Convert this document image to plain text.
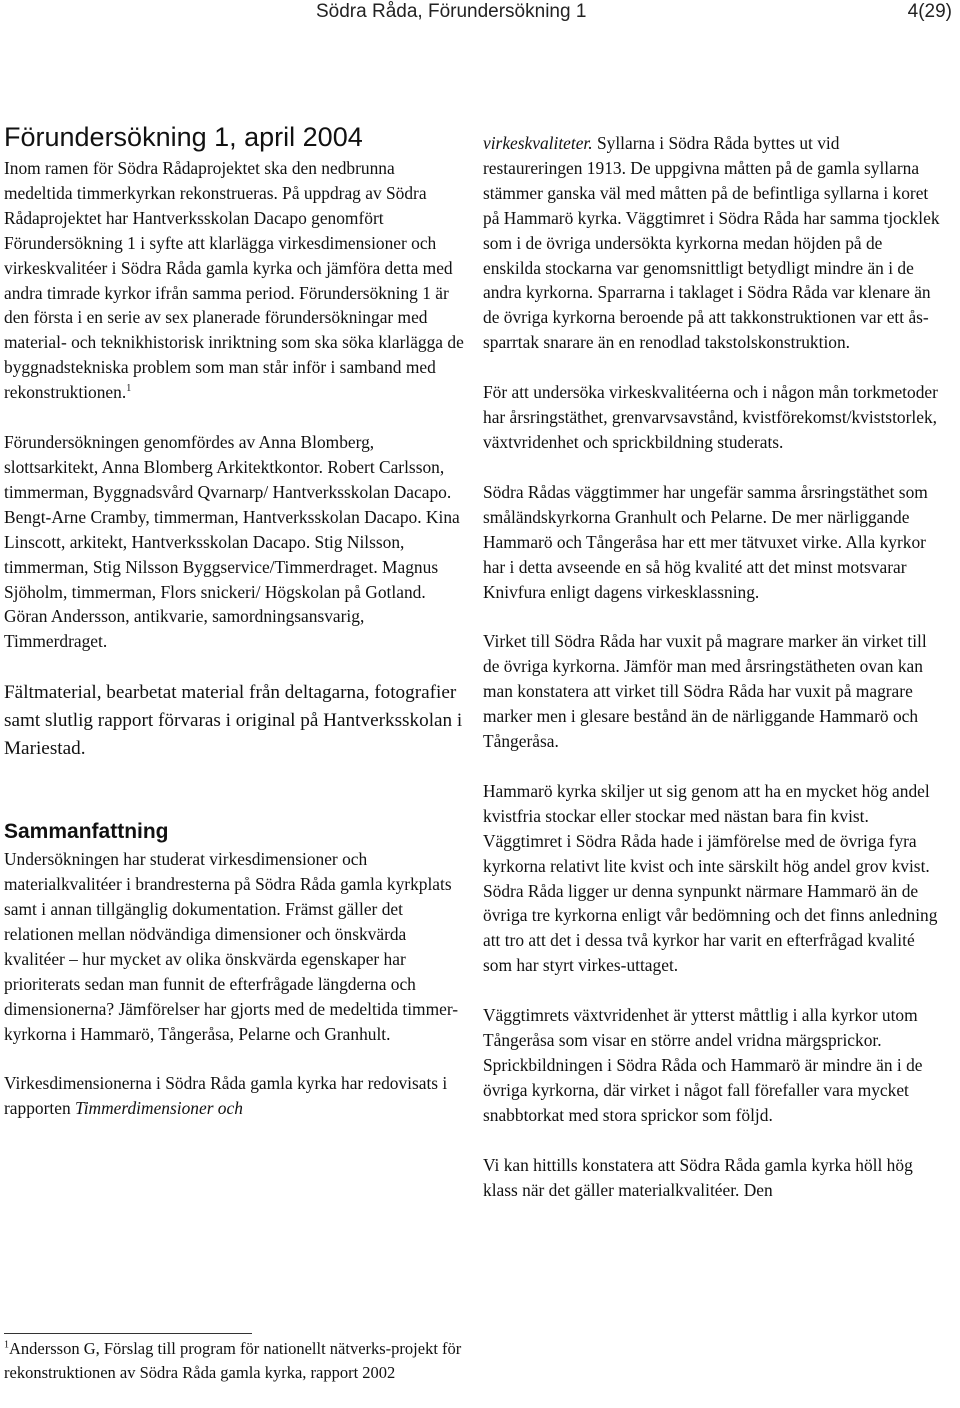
Södra Råda, Förundersökning 1	4(29)
Förundersökning 1, april 2004

Inom ramen för Södra Rådaprojektet ska den nedbrunna medeltida timmerkyrkan rekonstrueras. På uppdrag av Södra Rådaprojektet har Hantverksskolan Dacapo genomfört Förundersökning 1 i syfte att klarlägga virkesdimensioner och virkeskvalitéer i Södra Råda gamla kyrka och jämföra detta med andra timrade kyrkor ifrån samma period. Förundersökning 1 är den första i en serie av sex planerade förundersökningar med material- och teknikhistorisk inriktning som ska söka klarlägga de byggnadstekniska problem som man står inför i samband med rekonstruktionen.$^1$

Förundersökningen genomfördes av Anna Blomberg, slottsarkitekt, Anna Blomberg Arkitektkontor. Robert Carlsson, timmerman, Byggnadsvård Qvarnarp/ Hantverksskolan Dacapo. Bengt-Arne Cramby, timmerman, Hantverksskolan Dacapo. Kina Linscott, arkitekt, Hantverksskolan Dacapo. Stig Nilsson, timmerman, Stig Nilsson Byggservice/Timmerdraget. Magnus Sjöholm, timmerman, Flors snickeri/ Högskolan på Gotland. Göran Andersson, antikvarie, samordningsansvarig, Timmerdraget.

Fältmaterial, bearbetat material från deltagarna, fotografier samt slutlig rapport förvaras i original på Hantverksskolan i Mariestad.

Sammanfattning

Undersökningen har studerat virkesdimensioner och materialkvalitéer i brandresterna på Södra Råda gamla kyrkplats samt i annan tillgänglig dokumentation. Främst gäller det relationen mellan nödvändiga dimensioner och önskvärda kvalitéer – hur mycket av olika önskvärda egenskaper har prioriterats sedan man funnit de efterfrågade längderna och dimensionerna? Jämförelser har gjorts med de medeltida timmer-kyrkorna i Hammarö, Tångeråsa, Pelarne och Granhult.

Virkesdimensionerna i Södra Råda gamla kyrka har redovisats i rapporten Timmerdimensioner och

$^1$Andersson G, Förslag till program för nationellt nätverks-projekt för rekonstruktionen av Södra Råda gamla kyrka, rapport 2002

virkeskvaliteter. Syllarna i Södra Råda byttes ut vid restaureringen 1913. De uppgivna måtten på de gamla syllarna stämmer ganska väl med måtten på de befintliga syllarna i koret på Hammarö kyrka. Väggtimret i Södra Råda har samma tjocklek som i de övriga undersökta kyrkorna medan höjden på de enskilda stockarna var genomsnittligt betydligt mindre än i de andra kyrkorna. Sparrarna i taklaget i Södra Råda var klenare än de övriga kyrkorna beroende på att takkonstruktionen var ett ås-sparrtak snarare än en renodlad takstolskonstruktion.

För att undersöka virkeskvalitéerna och i någon mån torkmetoder har årsringstäthet, grenvarvsavstånd, kvistförekomst/kviststorlek, växtvridenhet och sprickbildning studerats.

Södra Rådas väggtimmer har ungefär samma årsringstäthet som småländskyrkorna Granhult och Pelarne. De mer närliggande Hammarö och Tångeråsa har ett mer tätvuxet virke. Alla kyrkor har i detta avseende en så hög kvalité att det minst motsvarar Knivfura enligt dagens virkesklassning.

Virket till Södra Råda har vuxit på magrare marker än virket till de övriga kyrkorna. Jämför man med årsringstätheten ovan kan man konstatera att virket till Södra Råda har vuxit på magrare marker men i glesare bestånd än de närliggande Hammarö och Tångeråsa.

Hammarö kyrka skiljer ut sig genom att ha en mycket hög andel kvistfria stockar eller stockar med nästan bara fin kvist. Väggtimret i Södra Råda hade i jämförelse med de övriga fyra kyrkorna relativt lite kvist och inte särskilt hög andel grov kvist. Södra Råda ligger ur denna synpunkt närmare Hammarö än de övriga tre kyrkorna enligt vår bedömning och det finns anledning att tro att det i dessa två kyrkor har varit en efterfrågad kvalité som har styrt virkes-uttaget.

Väggtimrets växtvridenhet är ytterst måttlig i alla kyrkor utom Tångeråsa som visar en större andel vridna märgsprickor. Sprickbildningen i Södra Råda och Hammarö är mindre än i de övriga kyrkorna, där virket i något fall förefaller vara mycket snabbtorkat med stora sprickor som följd.

Vi kan hittills konstatera att Södra Råda gamla kyrka höll hög klass när det gäller materialkvalitéer. Den
